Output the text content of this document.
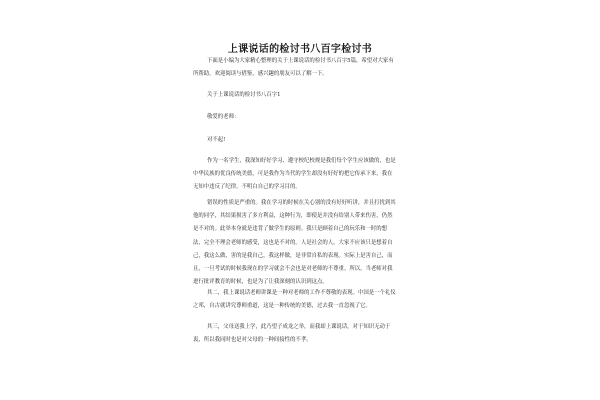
上课说话的检讨书八百字检讨书

下面是小编为大家精心整理的关于上课说话的检讨书八百字5篇，希望对大家有所帮助。欢迎阅读与借鉴，感兴趣的朋友可以了解一下。

关于上课说话的检讨书八百字1

敬爱的老师：

对不起!

作为一名学生，我深知好好学习、遵守校纪校规是我们每个学生应该做的，也是中华民族的优良传统美德，可是我作为当代的学生却没有好好的把它传承下来，我在无知中违反了纪律，不明白自己的学习目的。

错误的性质是严重的。我在学习的时候在关心别的没有好好听讲，并且打扰到其他的同学，其结果损害了多方利益，这种行为，即使是并没有给别人带来伤害，仍然是不对的。此举本身就是违背了做学生的原则。我只是顾着自己的玩乐和一时的想法，完全不理会老师的感受，这也是不对的。人是社会的人，大家不应该只是想着自己，我这么做，害的是我自己，我这样做，是非常自私的表现。实际上是害自己，而且，一旦考试的时候我现在的学习就会不会也是对老师的不尊重。所以，当老师对我进行批评教育的时候，也是为了让我深刻的认识到这点。

其二，我上课说话老师讲课是一种对老师的工作不尊敬的表现。中国是一个礼仪之邦，自古就讲究尊师重道，这是一种传统的美德，过去我一直忽视了它。

其三，父母送我上学，此乃望子成龙之举，而我却上课说话，对于知识无动于衷，所以我同时也是对父母的一种间接性的不孝。
